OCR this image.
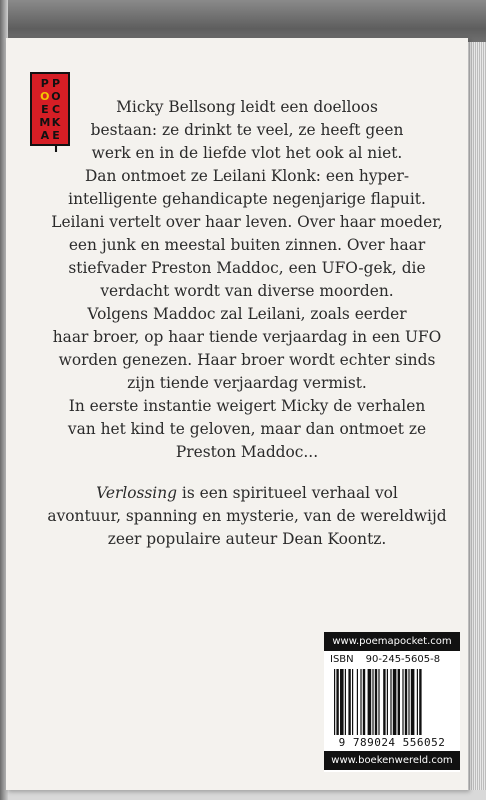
P
O
E
M
A
P
O
C
K
E
T

Micky Bellsong leidt een doelloos
bestaan: ze drinkt te veel, ze heeft geen
werk en in de liefde vlot het ook al niet.
Dan ontmoet ze Leilani Klonk: een hyper-
intelligente gehandicapte negenjarige flapuit.
Leilani vertelt over haar leven. Over haar moeder,
een junk en meestal buiten zinnen. Over haar
stiefvader Preston Maddoc, een UFO-gek, die
verdacht wordt van diverse moorden.
Volgens Maddoc zal Leilani, zoals eerder
haar broer, op haar tiende verjaardag in een UFO
worden genezen. Haar broer wordt echter sinds
zijn tiende verjaardag vermist.
In eerste instantie weigert Micky de verhalen
van het kind te geloven, maar dan ontmoet ze
Preston Maddoc...

Verlossing is een spiritueel verhaal vol
avontuur, spanning en mysterie, van de wereldwijd
zeer populaire auteur Dean Koontz.

www.poemapocket.com
ISBN 90-245-5605-8
9 789024 556052
www.boekenwereld.com
